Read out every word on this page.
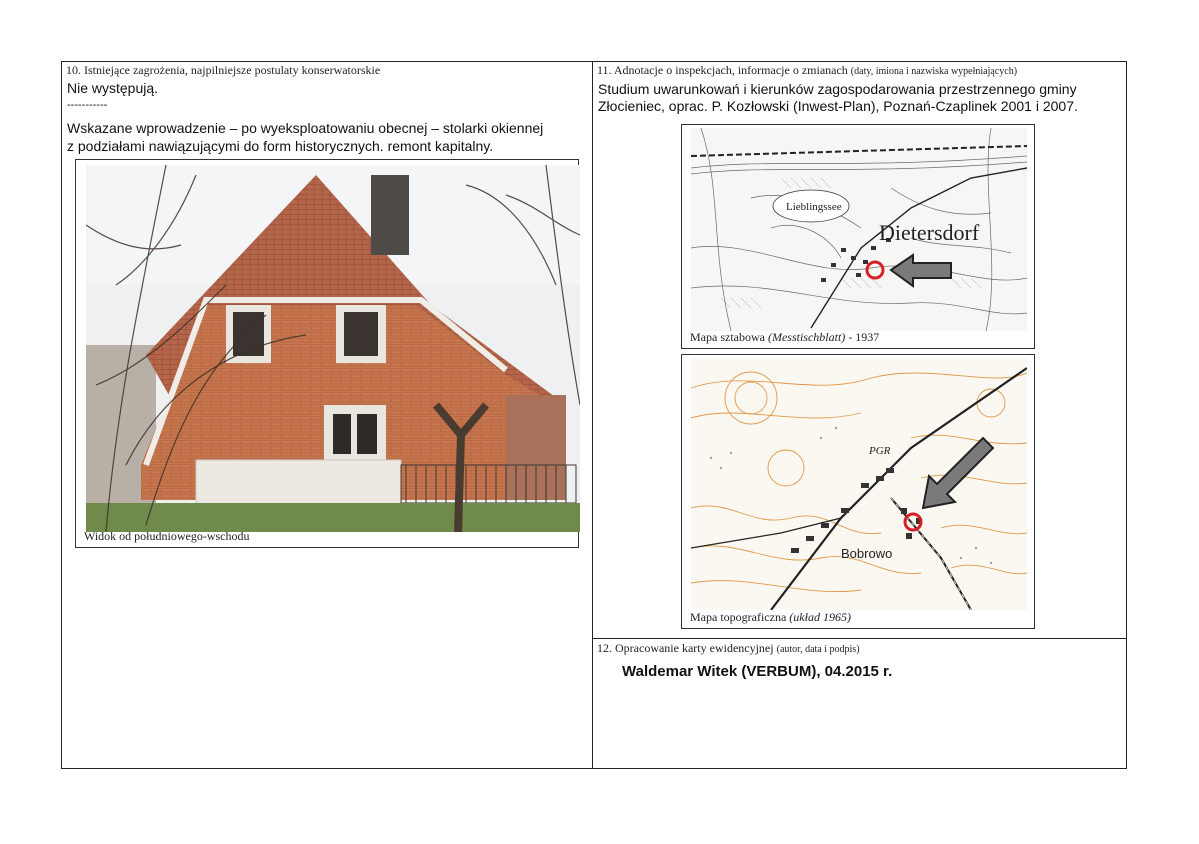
10. Istniejące zagrożenia, najpilniejsze postulaty konserwatorskie
Nie występują.
-----------
Wskazane wprowadzenie – po wyeksploatowaniu obecnej – stolarki okiennej
z podziałami nawiązującymi do form historycznych. remont kapitalny.
Widok od południowego-wschodu
11. Adnotacje o inspekcjach, informacje o zmianach (daty, imiona i nazwiska wypełniających)
Studium uwarunkowań i kierunków zagospodarowania przestrzennego gminy
Złocieniec, oprac. P. Kozłowski (Inwest-Plan), Poznań-Czaplinek 2001 i 2007.
Lieblingssee
Dietersdorf
Mapa sztabowa (Messtischblatt) - 1937
PGR
Bobrowo
Mapa topograficzna (układ 1965)
12. Opracowanie karty ewidencyjnej (autor, data i podpis)
Waldemar Witek (VERBUM), 04.2015 r.
